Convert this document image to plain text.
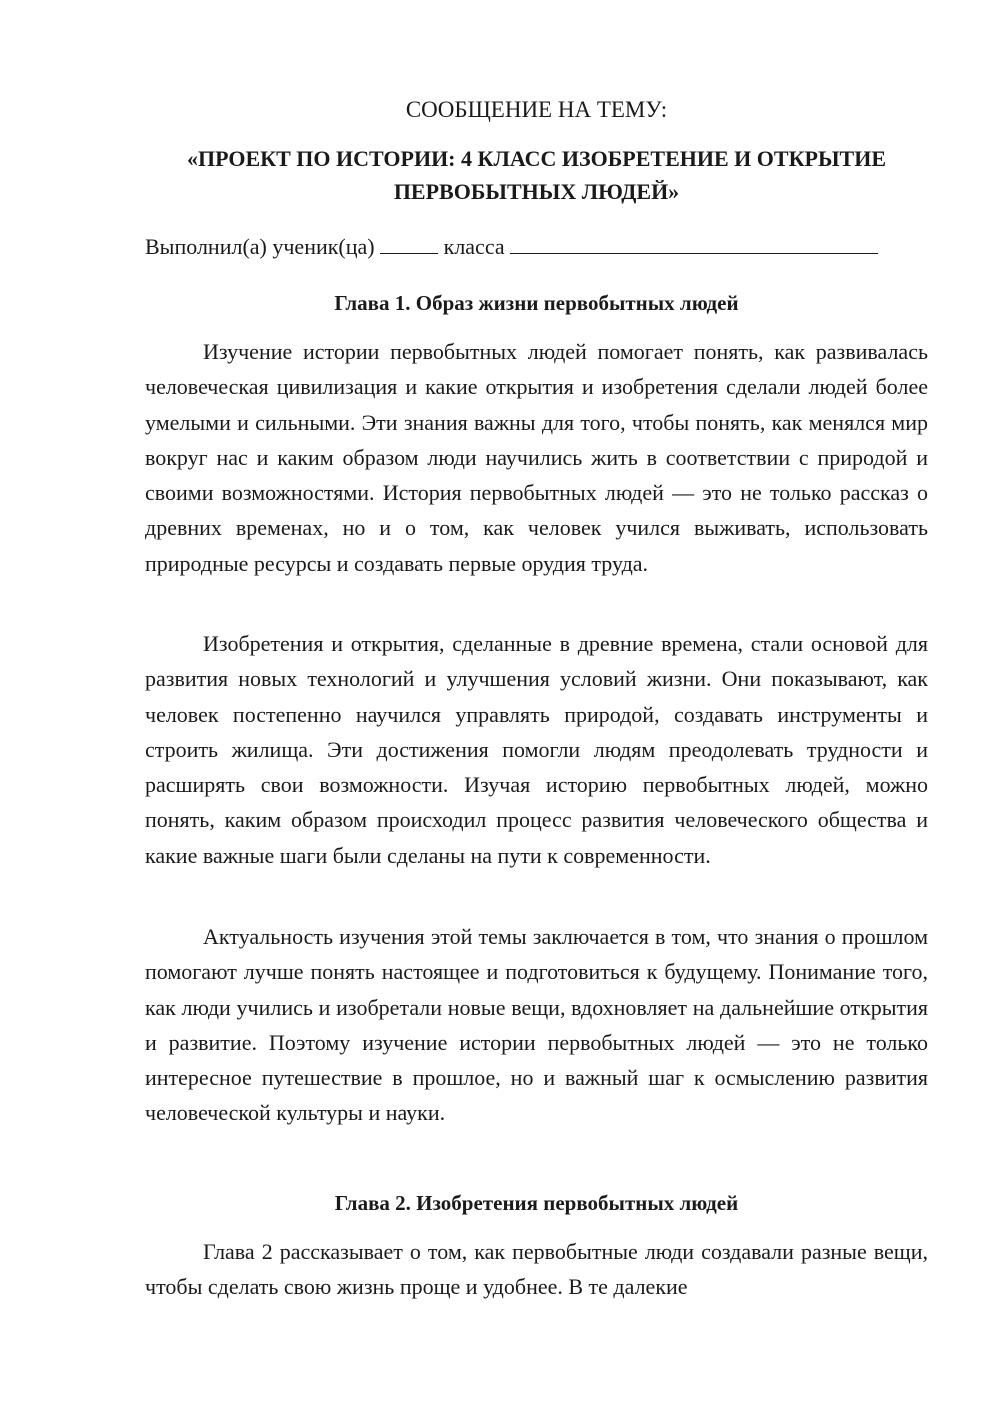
СООБЩЕНИЕ НА ТЕМУ:
«ПРОЕКТ ПО ИСТОРИИ: 4 КЛАСС ИЗОБРЕТЕНИЕ И ОТКРЫТИЕ
ПЕРВОБЫТНЫХ ЛЮДЕЙ»
Выполнил(а) ученик(ца)	класса
Глава 1. Образ жизни первобытных людей

Изучение истории первобытных людей помогает понять, как развивалась человеческая цивилизация и какие открытия и изобретения сделали людей более умелыми и сильными. Эти знания важны для того, чтобы понять, как менялся мир вокруг нас и каким образом люди научились жить в соответствии с природой и своими возможностями. История первобытных людей — это не только рассказ о древних временах, но и о том, как человек учился выживать, использовать природные ресурсы и создавать первые орудия труда.

Изобретения и открытия, сделанные в древние времена, стали основой для развития новых технологий и улучшения условий жизни. Они показывают, как человек постепенно научился управлять природой, создавать инструменты и строить жилища. Эти достижения помогли людям преодолевать трудности и расширять свои возможности. Изучая историю первобытных людей, можно понять, каким образом происходил процесс развития человеческого общества и какие важные шаги были сделаны на пути к современности.

Актуальность изучения этой темы заключается в том, что знания о прошлом помогают лучше понять настоящее и подготовиться к будущему. Понимание того, как люди учились и изобретали новые вещи, вдохновляет на дальнейшие открытия и развитие. Поэтому изучение истории первобытных людей — это не только интересное путешествие в прошлое, но и важный шаг к осмыслению развития человеческой культуры и науки.

Глава 2. Изобретения первобытных людей

Глава 2 рассказывает о том, как первобытные люди создавали разные вещи, чтобы сделать свою жизнь проще и удобнее. В те далекие
